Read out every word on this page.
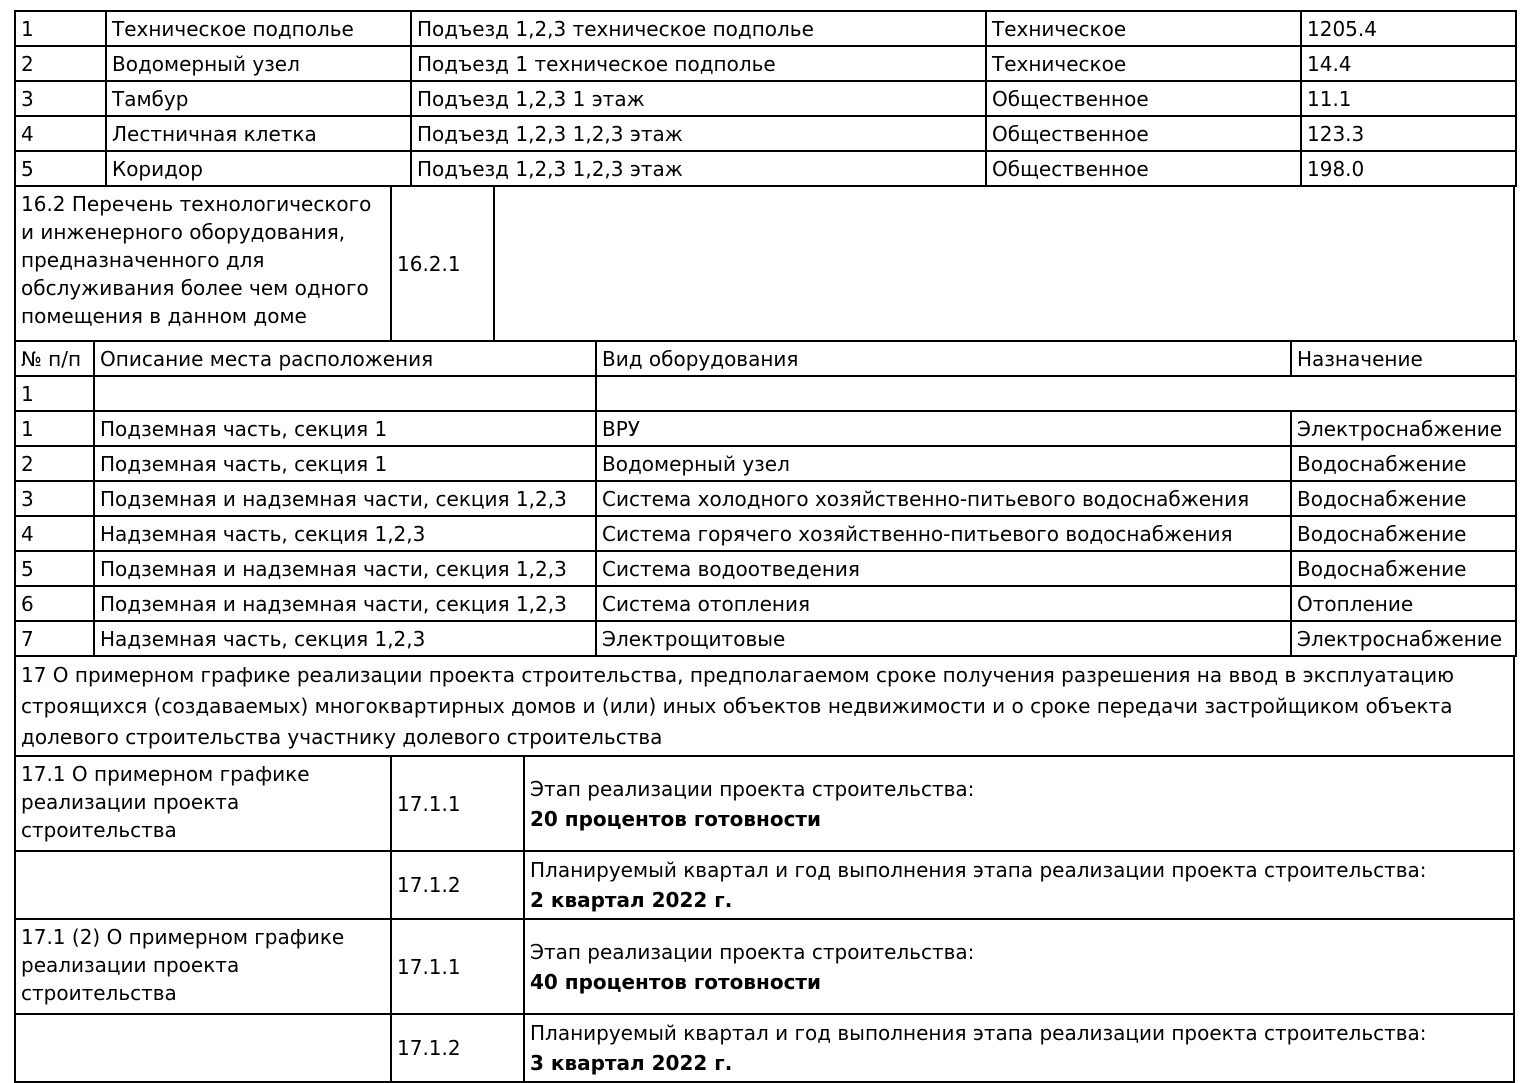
1	Техническое подполье	Подъезд 1,2,3 техническое подполье	Техническое	1205.4
2	Водомерный узел	Подъезд 1 техническое подполье	Техническое	14.4
3	Тамбур	Подъезд 1,2,3 1 этаж	Общественное	11.1
4	Лестничная клетка	Подъезд 1,2,3 1,2,3 этаж	Общественное	123.3
5	Коридор	Подъезд 1,2,3 1,2,3 этаж	Общественное	198.0
16.2 Перечень технологического и инженерного оборудования, предназначенного для обслуживания более чем одного помещения в данном доме	16.2.1	
№ п/п	Описание места расположения	Вид оборудования	Назначение
1			
1	Подземная часть, секция 1	ВРУ	Электроснабжение
2	Подземная часть, секция 1	Водомерный узел	Водоснабжение
3	Подземная и надземная части, секция 1,2,3	Система холодного хозяйственно-питьевого водоснабжения	Водоснабжение
4	Надземная часть, секция 1,2,3	Система горячего хозяйственно-питьевого водоснабжения	Водоснабжение
5	Подземная и надземная части, секция 1,2,3	Система водоотведения	Водоснабжение
6	Подземная и надземная части, секция 1,2,3	Система отопления	Отопление
7	Надземная часть, секция 1,2,3	Электрощитовые	Электроснабжение
17 О примерном графике реализации проекта строительства, предполагаемом сроке получения разрешения на ввод в эксплуатацию строящихся (создаваемых) многоквартирных домов и (или) иных объектов недвижимости и о сроке передачи застройщиком объекта долевого строительства участнику долевого строительства
17.1 О примерном графике реализации проекта строительства	17.1.1	Этап реализации проекта строительства:
20 процентов готовности

	17.1.2	Планируемый квартал и год выполнения этапа реализации проекта строительства:
2 квартал 2022 г.

17.1 (2) О примерном графике реализации проекта строительства	17.1.1	Этап реализации проекта строительства:
40 процентов готовности

	17.1.2	Планируемый квартал и год выполнения этапа реализации проекта строительства:
3 квартал 2022 г.
